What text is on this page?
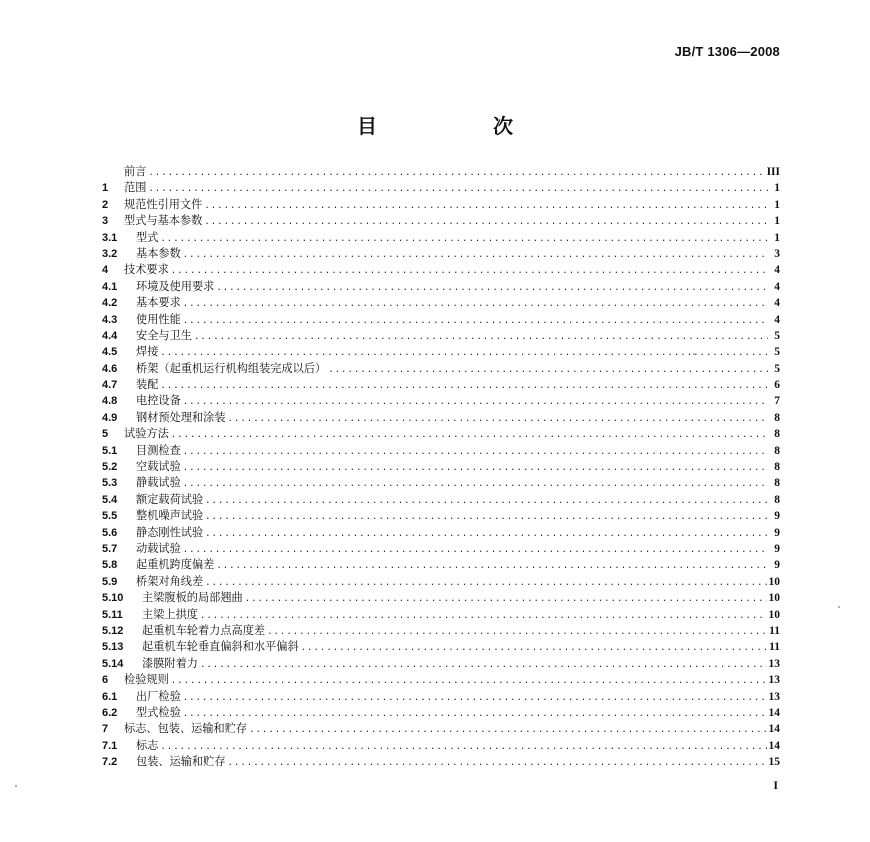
JB/T 1306—2008
目　次
前言 .....	III
1	范围 .....	1
2	规范性引用文件 .....	1
3	型式与基本参数 .....	1
3.1	型式 .....	1
3.2	基本参数 .....	3
4	技术要求 .....	4
4.1	环境及使用要求 .....	4
4.2	基本要求 .....	4
4.3	使用性能 .....	4
4.4	安全与卫生 .....	5
4.5	焊接 .....	5
4.6	桥架（起重机运行机构组装完成以后） .....	5
4.7	装配 .....	6
4.8	电控设备 .....	7
4.9	钢材预处理和涂装 .....	8
5	试验方法 .....	8
5.1	目测检查 .....	8
5.2	空载试验 .....	8
5.3	静载试验 .....	8
5.4	额定载荷试验 .....	8
5.5	整机噪声试验 .....	9
5.6	静态刚性试验 .....	9
5.7	动载试验 .....	9
5.8	起重机跨度偏差 .....	9
5.9	桥架对角线差 .....	10
5.10	主梁腹板的局部翘曲 .....	10
5.11	主梁上拱度 .....	10
5.12	起重机车轮着力点高度差 .....	11
5.13	起重机车轮垂直偏斜和水平偏斜 .....	11
5.14	漆膜附着力 .....	13
6	检验规则 .....	13
6.1	出厂检验 .....	13
6.2	型式检验 .....	14
7	标志、包装、运输和贮存 .....	14
7.1	标志 .....	14
7.2	包装、运输和贮存 .....	15
I
